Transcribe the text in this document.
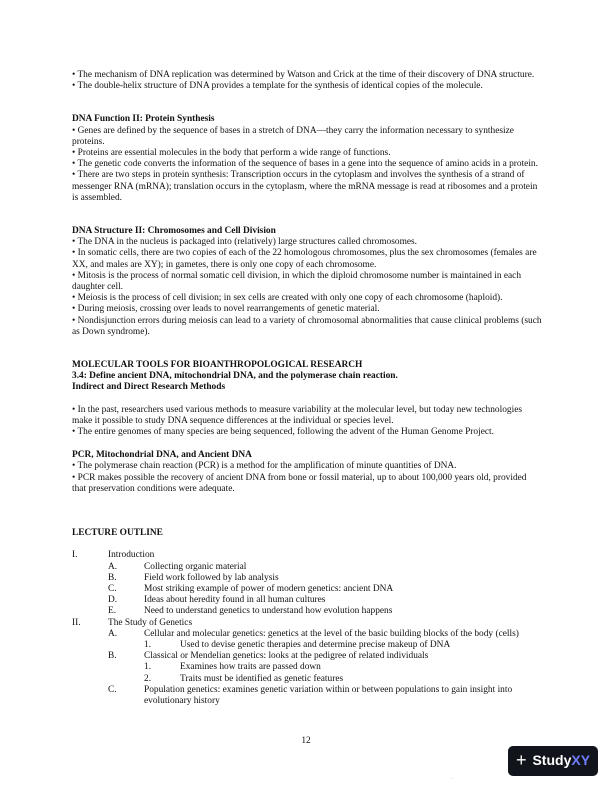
• The mechanism of DNA replication was determined by Watson and Crick at the time of their discovery of DNA structure.

• The double-helix structure of DNA provides a template for the synthesis of identical copies of the molecule.

DNA Function II: Protein Synthesis

• Genes are defined by the sequence of bases in a stretch of DNA—they carry the information necessary to synthesize proteins.

• Proteins are essential molecules in the body that perform a wide range of functions.

• The genetic code converts the information of the sequence of bases in a gene into the sequence of amino acids in a protein.

• There are two steps in protein synthesis: Transcription occurs in the cytoplasm and involves the synthesis of a strand of messenger RNA (mRNA); translation occurs in the cytoplasm, where the mRNA message is read at ribosomes and a protein is assembled.

DNA Structure II: Chromosomes and Cell Division

• The DNA in the nucleus is packaged into (relatively) large structures called chromosomes.

• In somatic cells, there are two copies of each of the 22 homologous chromosomes, plus the sex chromosomes (females are XX, and males are XY); in gametes, there is only one copy of each chromosome.

• Mitosis is the process of normal somatic cell division, in which the diploid chromosome number is maintained in each daughter cell.

• Meiosis is the process of cell division; in sex cells are created with only one copy of each chromosome (haploid).

• During meiosis, crossing over leads to novel rearrangements of genetic material.

• Nondisjunction errors during meiosis can lead to a variety of chromosomal abnormalities that cause clinical problems (such as Down syndrome).

MOLECULAR TOOLS FOR BIOANTHROPOLOGICAL RESEARCH

3.4: Define ancient DNA, mitochondrial DNA, and the polymerase chain reaction.

Indirect and Direct Research Methods

• In the past, researchers used various methods to measure variability at the molecular level, but today new technologies make it possible to study DNA sequence differences at the individual or species level.

• The entire genomes of many species are being sequenced, following the advent of the Human Genome Project.

PCR, Mitochondrial DNA, and Ancient DNA

• The polymerase chain reaction (PCR) is a method for the amplification of minute quantities of DNA.

• PCR makes possible the recovery of ancient DNA from bone or fossil material, up to about 100,000 years old, provided that preservation conditions were adequate.

LECTURE OUTLINE

I.	Introduction
A.	Collecting organic material
B.	Field work followed by lab analysis
C.	Most striking example of power of modern genetics: ancient DNA
D.	Ideas about heredity found in all human cultures
E.	Need to understand genetics to understand how evolution happens
II.	The Study of Genetics
A.	Cellular and molecular genetics: genetics at the level of the basic building blocks of the body (cells)
1.	Used to devise genetic therapies and determine precise makeup of DNA
B.	Classical or Mendelian genetics: looks at the pedigree of related individuals
1.	Examines how traits are passed down
2.	Traits must be identified as genetic features
C.	Population genetics: examines genetic variation within or between populations to gain insight into evolutionary history
12
.
+ Study XY
